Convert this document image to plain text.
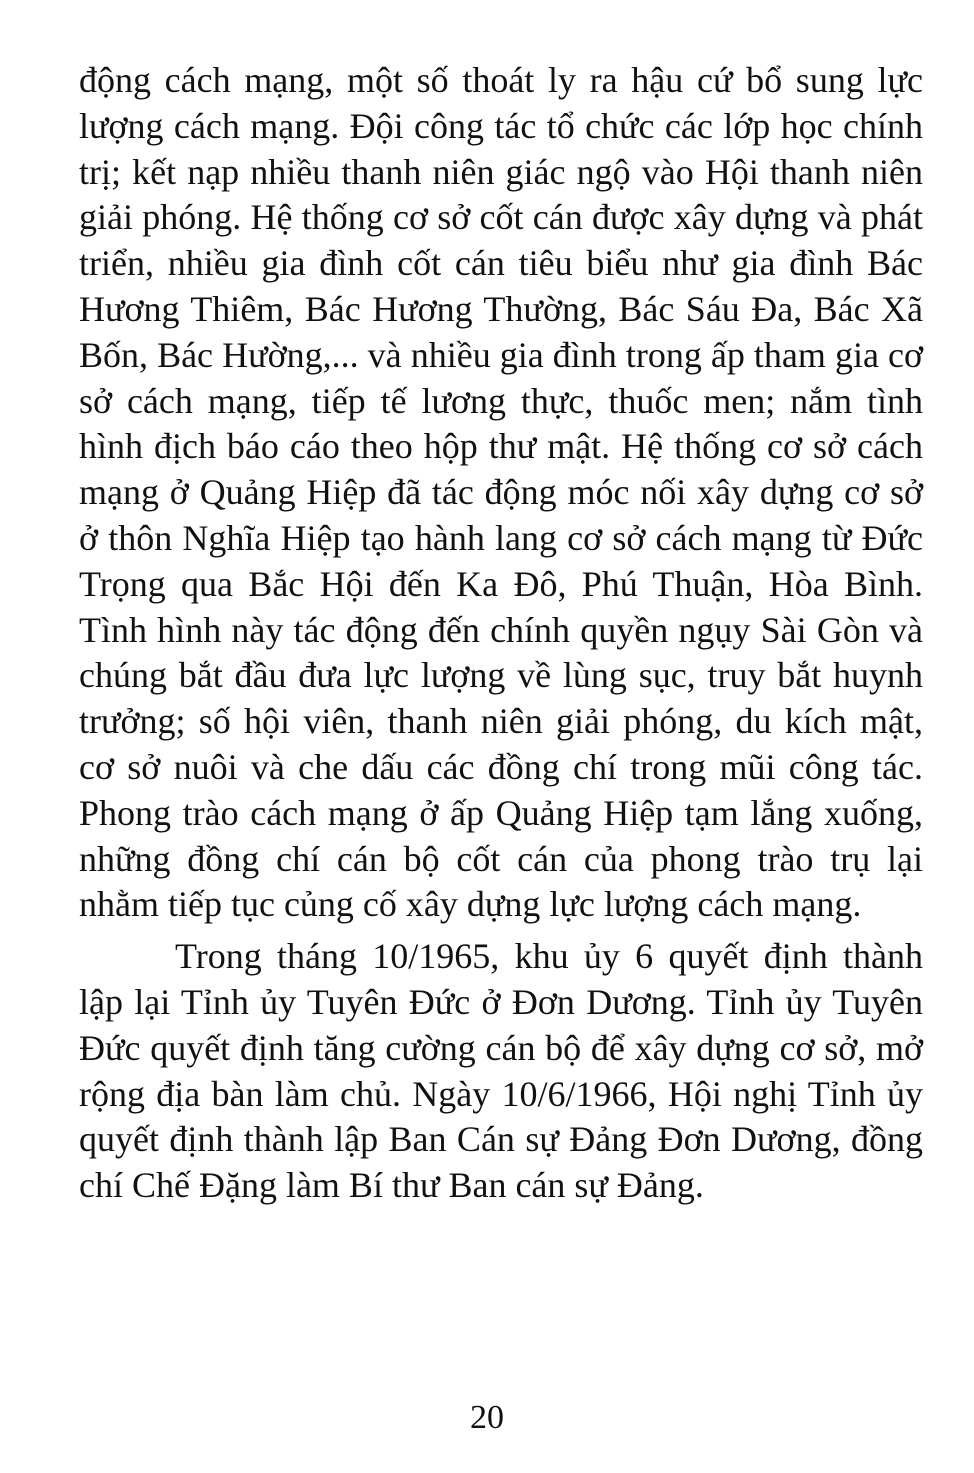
động cách mạng, một số thoát ly ra hậu cứ bổ sung lực lượng cách mạng. Đội công tác tổ chức các lớp học chính trị; kết nạp nhiều thanh niên giác ngộ vào Hội thanh niên giải phóng. Hệ thống cơ sở cốt cán được xây dựng và phát triển, nhiều gia đình cốt cán tiêu biểu như gia đình Bác Hương Thiêm, Bác Hương Thường, Bác Sáu Đa, Bác Xã Bốn, Bác Hường,... và nhiều gia đình trong ấp tham gia cơ sở cách mạng, tiếp tế lương thực, thuốc men; nắm tình hình địch báo cáo theo hộp thư mật. Hệ thống cơ sở cách mạng ở Quảng Hiệp đã tác động móc nối xây dựng cơ sở ở thôn Nghĩa Hiệp tạo hành lang cơ sở cách mạng từ Đức Trọng qua Bắc Hội đến Ka Đô, Phú Thuận, Hòa Bình. Tình hình này tác động đến chính quyền ngụy Sài Gòn và chúng bắt đầu đưa lực lượng về lùng sục, truy bắt huynh trưởng; số hội viên, thanh niên giải phóng, du kích mật, cơ sở nuôi và che dấu các đồng chí trong mũi công tác. Phong trào cách mạng ở ấp Quảng Hiệp tạm lắng xuống, những đồng chí cán bộ cốt cán của phong trào trụ lại nhằm tiếp tục củng cố xây dựng lực lượng cách mạng.

Trong tháng 10/1965, khu ủy 6 quyết định thành lập lại Tỉnh ủy Tuyên Đức ở Đơn Dương. Tỉnh ủy Tuyên Đức quyết định tăng cường cán bộ để xây dựng cơ sở, mở rộng địa bàn làm chủ. Ngày 10/6/1966, Hội nghị Tỉnh ủy quyết định thành lập Ban Cán sự Đảng Đơn Dương, đồng chí Chế Đặng làm Bí thư Ban cán sự Đảng.

20
